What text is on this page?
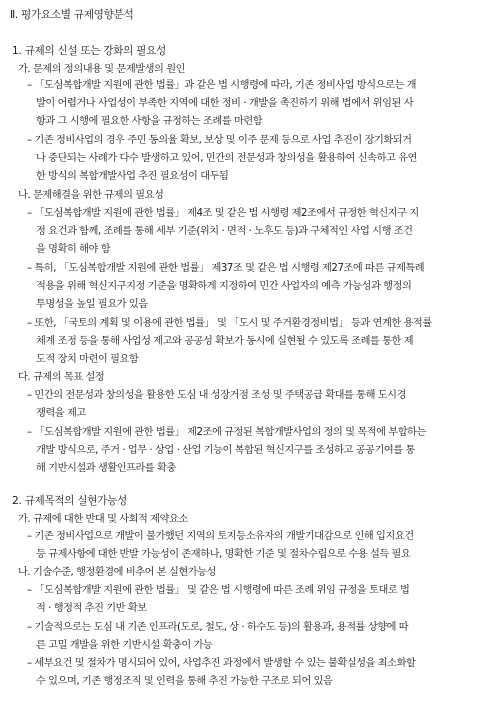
Ⅱ. 평가요소별 규제영향분석
1. 규제의 신설 또는 강화의 필요성
가. 문제의 정의내용 및 문제발생의 원인
– 「도심복합개발 지원에 관한 법률」과 같은 법 시행령에 따라, 기존 정비사업 방식으로는 개
발이 어렵거나 사업성이 부족한 지역에 대한 정비 · 개발을 촉진하기 위해 법에서 위임된 사
항과 그 시행에 필요한 사항을 규정하는 조례를 마련함
– 기존 정비사업의 경우 주민 동의율 확보, 보상 및 이주 문제 등으로 사업 추진이 장기화되거
나 중단되는 사례가 다수 발생하고 있어, 민간의 전문성과 창의성을 활용하여 신속하고 유연
한 방식의 복합개발사업 추진 필요성이 대두됨
나. 문제해결을 위한 규제의 필요성
– 「도심복합개발 지원에 관한 법률」 제4조 및 같은 법 시행령 제2조에서 규정한 혁신지구 지
정 요건과 함께, 조례를 통해 세부 기준(위치 · 면적 · 노후도 등)과 구체적인 사업 시행 조건
을 명확히 해야 함
– 특히, 「도심복합개발 지원에 관한 법률」 제37조 및 같은 법 시행령 제27조에 따른 규제특례
적용을 위해 혁신지구지정 기준을 명확하게 지정하여 민간 사업자의 예측 가능성과 행정의
투명성을 높일 필요가 있음
– 또한, 「국토의 계획 및 이용에 관한 법률」 및 「도시 및 주거환경정비법」 등과 연계한 용적률
체계 조정 등을 통해 사업성 제고와 공공성 확보가 동시에 실현될 수 있도록 조례를 통한 제
도적 장치 마련이 필요함
다. 규제의 목표 설정
– 민간의 전문성과 창의성을 활용한 도심 내 성장거점 조성 및 주택공급 확대를 통해 도시경
쟁력을 제고
– 「도심복합개발 지원에 관한 법률」 제2조에 규정된 복합개발사업의 정의 및 목적에 부합하는
개발 방식으로, 주거 · 업무 · 상업 · 산업 기능이 복합된 혁신지구를 조성하고 공공기여를 통
해 기반시설과 생활인프라를 확충
2. 규제목적의 실현가능성
가. 규제에 대한 반대 및 사회적 제약요소
– 기존 정비사업으로 개발이 불가했던 지역의 토지등소유자의 개발기대감으로 인해 입지요건
등 규제사항에 대한 반발 가능성이 존재하나, 명확한 기준 및 절차수립으로 수용 설득 필요
나. 기술수준, 행정환경에 비추어 본 실현가능성
– 「도심복합개발 지원에 관한 법률」 및 같은 법 시행령에 따른 조례 위임 규정을 토대로 법
적 · 행정적 추진 기반 확보
– 기술적으로는 도심 내 기존 인프라(도로, 철도, 상 · 하수도 등)의 활용과, 용적률 상향에 따
른 고밀 개발을 위한 기반시설 확충이 가능
– 세부요건 및 절차가 명시되어 있어, 사업추진 과정에서 발생할 수 있는 불확실성을 최소화할
수 있으며, 기존 행정조직 및 인력을 통해 추진 가능한 구조로 되어 있음
